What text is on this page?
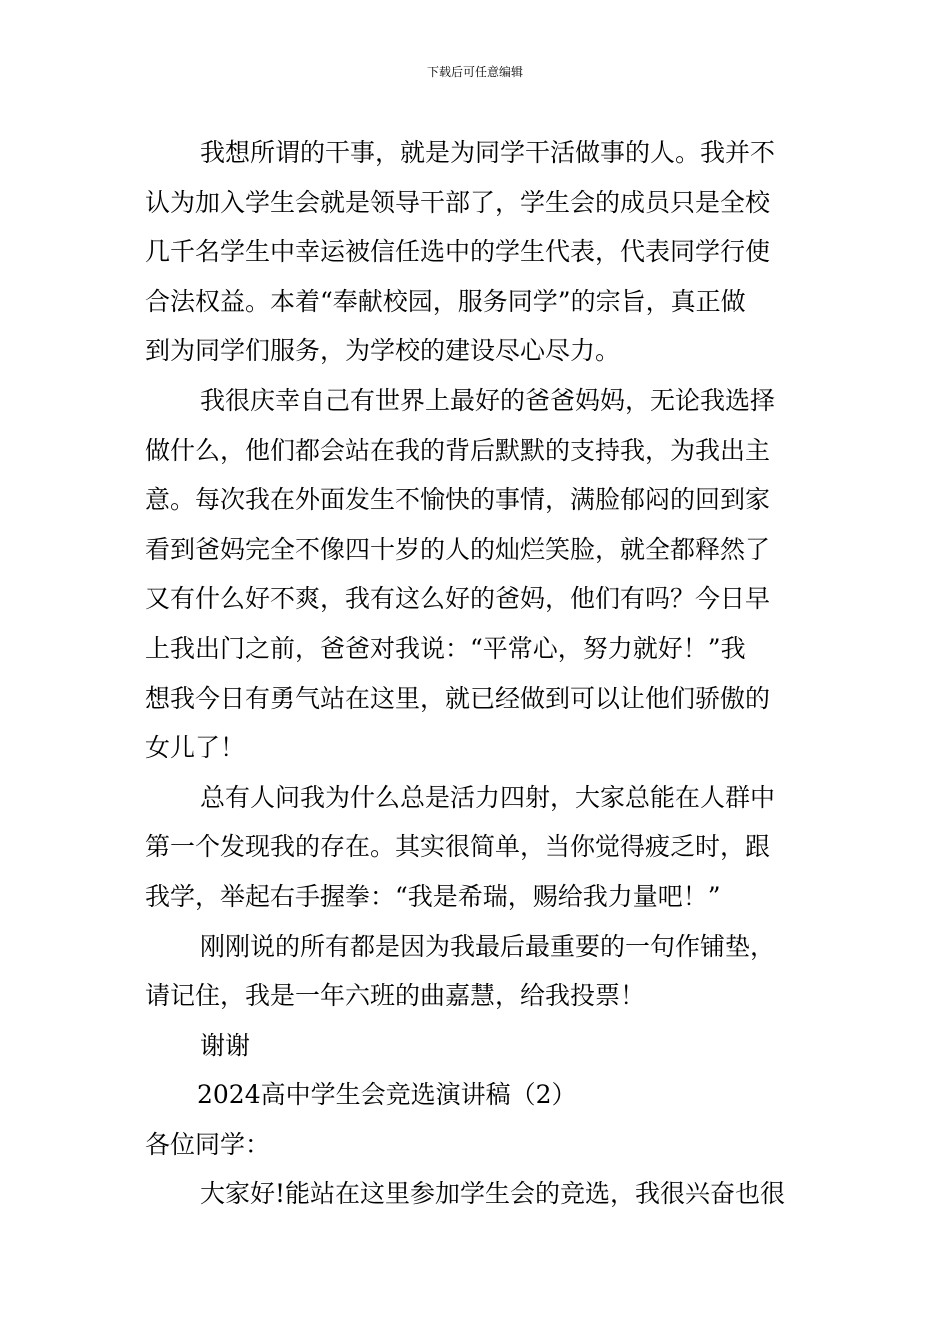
下载后可任意编辑
我想所谓的干事，就是为同学干活做事的人。我并不
认为加入学生会就是领导干部了，学生会的成员只是全校
几千名学生中幸运被信任选中的学生代表，代表同学行使
合法权益。本着“奉献校园，服务同学”的宗旨，真正做
到为同学们服务，为学校的建设尽心尽力。
我很庆幸自己有世界上最好的爸爸妈妈，无论我选择
做什么，他们都会站在我的背后默默的支持我，为我出主
意。每次我在外面发生不愉快的事情，满脸郁闷的回到家
看到爸妈完全不像四十岁的人的灿烂笑脸，就全都释然了
又有什么好不爽，我有这么好的爸妈，他们有吗？今日早
上我出门之前，爸爸对我说：“平常心，努力就好！”我
想我今日有勇气站在这里，就已经做到可以让他们骄傲的
女儿了！
总有人问我为什么总是活力四射，大家总能在人群中
第一个发现我的存在。其实很简单，当你觉得疲乏时，跟
我学，举起右手握拳：“我是希瑞，赐给我力量吧！”
刚刚说的所有都是因为我最后最重要的一句作铺垫，
请记住，我是一年六班的曲嘉慧，给我投票！
谢谢
2024高中学生会竞选演讲稿（2）
各位同学：
大家好!能站在这里参加学生会的竞选，我很兴奋也很
